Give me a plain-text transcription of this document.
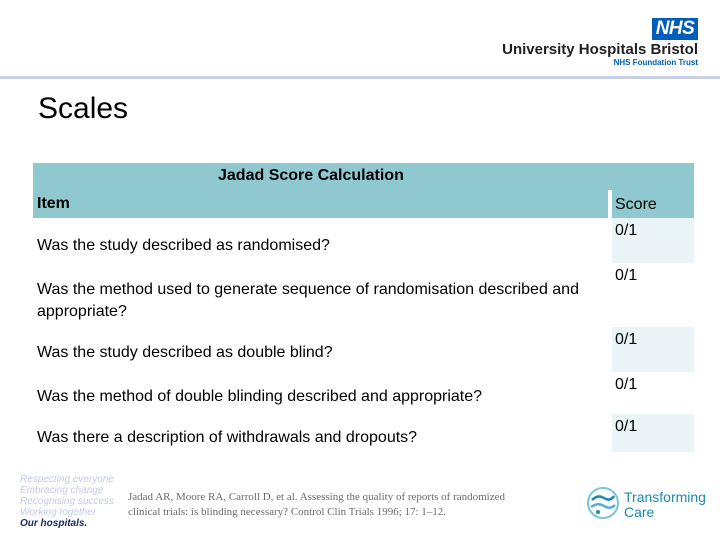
NHS
University Hospitals Bristol
NHS Foundation Trust
Scales
Jadad Score Calculation
Item	Score
Was the study described as randomised?
0/1
Was the method used to generate sequence of randomisation described and appropriate?
0/1
Was the study described as double blind?
0/1
Was the method of double blinding described and appropriate?
0/1
Was there a description of withdrawals and dropouts?
0/1
Respecting everyone
Embracing change
Recognising success
Working together
Our hospitals.
Jadad AR, Moore RA, Carroll D, et al. Assessing the quality of reports of randomized
clinical trials: is blinding necessary? Control Clin Trials 1996; 17: 1–12.
Transforming
Care
